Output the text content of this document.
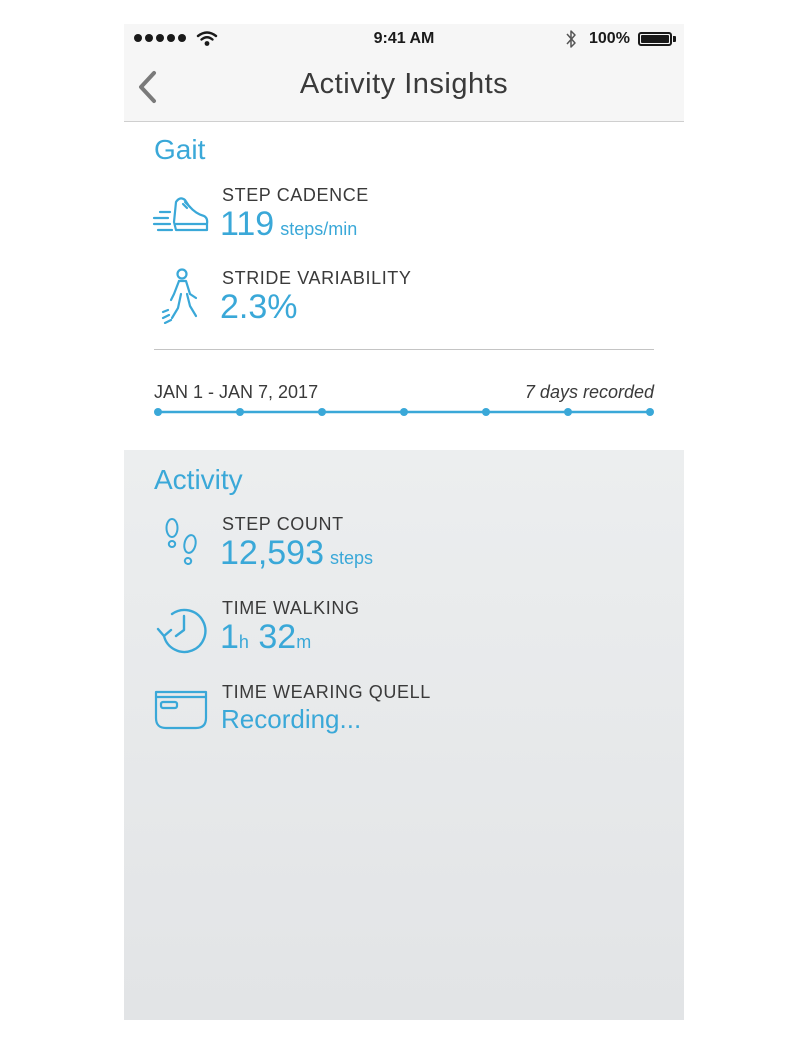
9:41 AM	100%
Activity Insights
Gait
STEP CADENCE
119 steps/min
STRIDE VARIABILITY
2.3%
JAN 1 - JAN 7, 2017	7 days recorded
Activity
STEP COUNT
12,593 steps
TIME WALKING
1h 32m
TIME WEARING QUELL
Recording...
